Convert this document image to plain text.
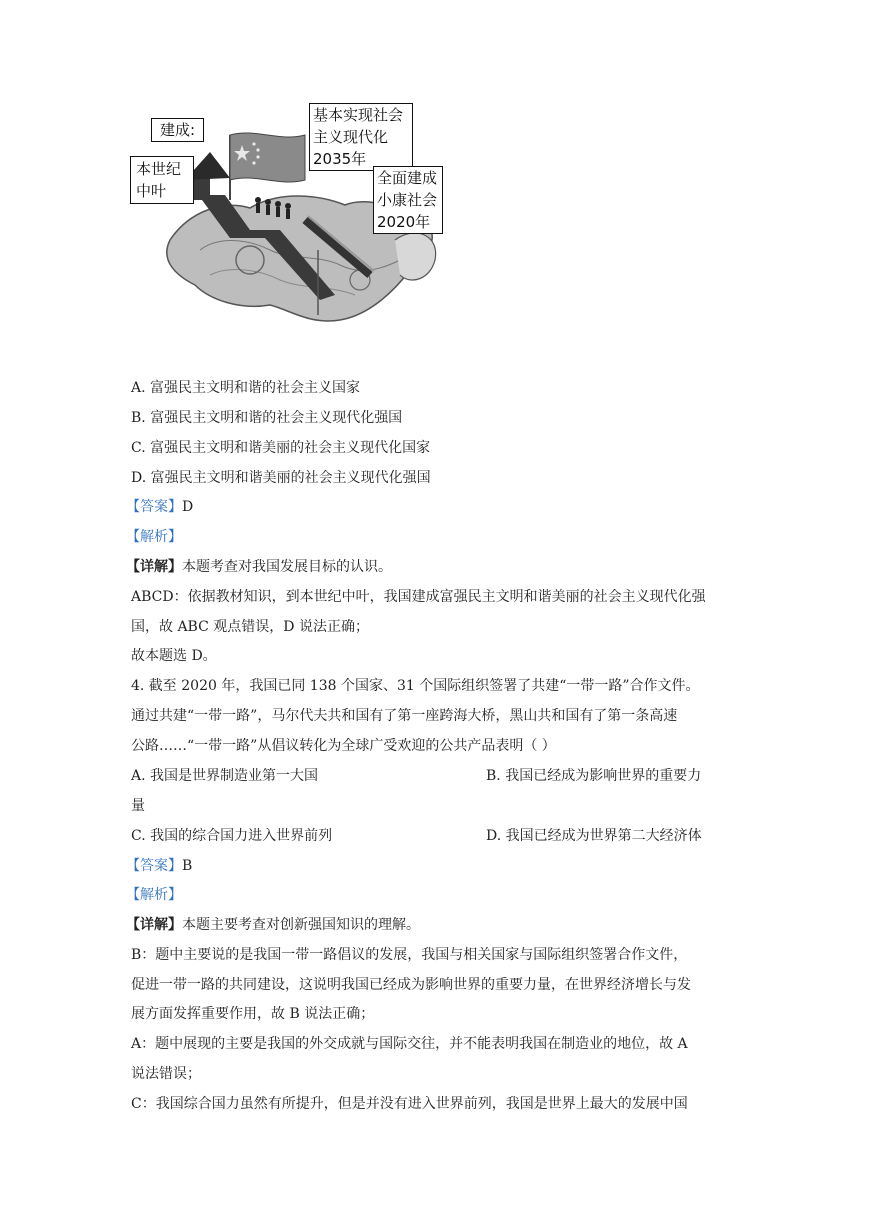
建成:
本世纪
中叶
基本实现社会
主义现代化
2035年
全面建成
小康社会
2020年
A. 富强民主文明和谐的社会主义国家
B. 富强民主文明和谐的社会主义现代化强国
C. 富强民主文明和谐美丽的社会主义现代化国家
D. 富强民主文明和谐美丽的社会主义现代化强国
【答案】D
【解析】
【详解】本题考查对我国发展目标的认识。
ABCD：依据教材知识，到本世纪中叶，我国建成富强民主文明和谐美丽的社会主义现代化强
国，故 ABC 观点错误，D 说法正确；
故本题选 D。
4. 截至 2020 年，我国已同 138 个国家、31 个国际组织签署了共建“一带一路”合作文件。
通过共建“一带一路”，马尔代夫共和国有了第一座跨海大桥，黑山共和国有了第一条高速
公路……“一带一路”从倡议转化为全球广受欢迎的公共产品表明（ ）
A. 我国是世界制造业第一大国	B. 我国已经成为影响世界的重要力
量
C. 我国的综合国力进入世界前列	D. 我国已经成为世界第二大经济体
【答案】B
【解析】
【详解】本题主要考查对创新强国知识的理解。
B：题中主要说的是我国一带一路倡议的发展，我国与相关国家与国际组织签署合作文件，
促进一带一路的共同建设，这说明我国已经成为影响世界的重要力量，在世界经济增长与发
展方面发挥重要作用，故 B 说法正确；
A：题中展现的主要是我国的外交成就与国际交往，并不能表明我国在制造业的地位，故 A
说法错误；
C：我国综合国力虽然有所提升，但是并没有进入世界前列，我国是世界上最大的发展中国
